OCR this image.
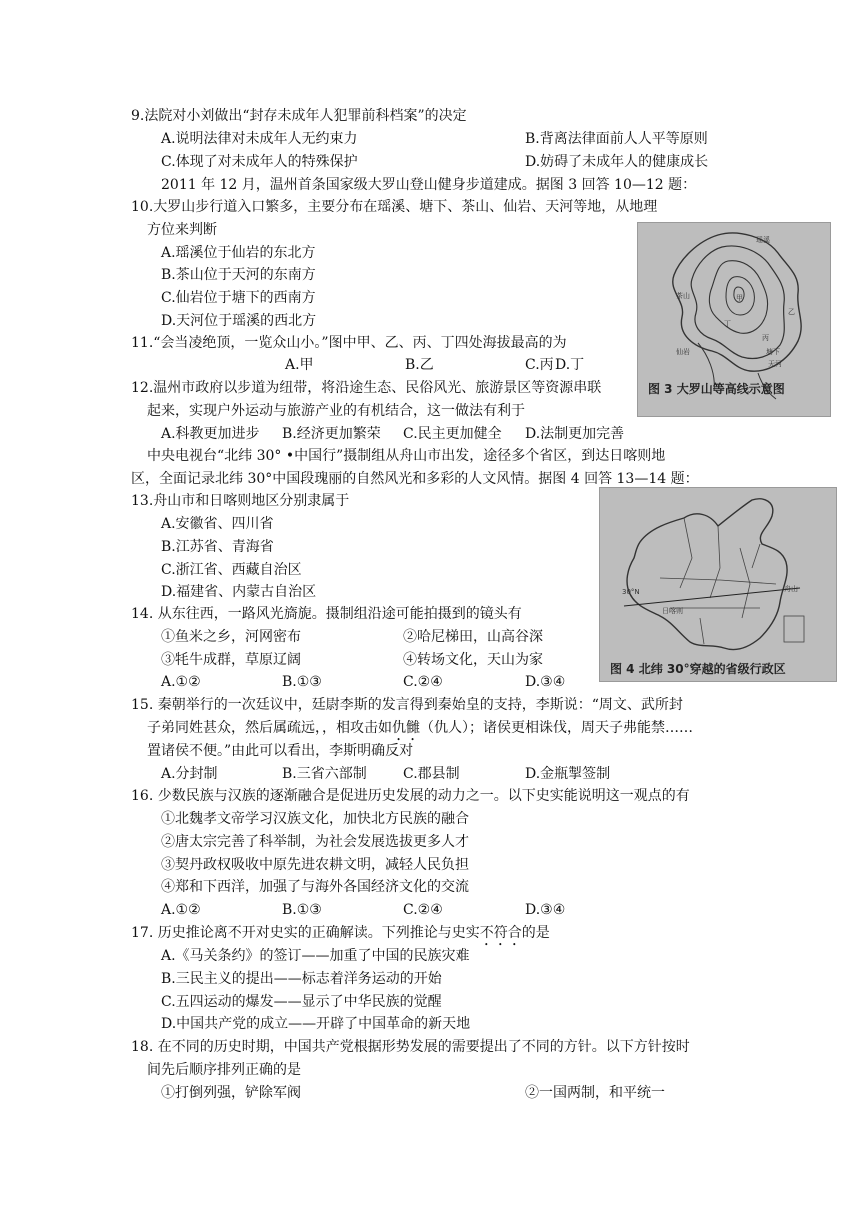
9.法院对小刘做出“封存未成年人犯罪前科档案”的决定
A.说明法律对未成年人无约束力	B.背离法律面前人人平等原则
C.体现了对未成年人的特殊保护	D.妨碍了未成年人的健康成长
2011 年 12 月，温州首条国家级大罗山登山健身步道建成。据图 3 回答 10—12 题：
10.大罗山步行道入口繁多，主要分布在瑶溪、塘下、茶山、仙岩、天河等地，从地理
方位来判断
A.瑶溪位于仙岩的东北方
B.茶山位于天河的东南方
C.仙岩位于塘下的西南方
D.天河位于瑶溪的西北方
11.“会当凌绝顶，一览众山小。”图中甲、乙、丙、丁四处海拔最高的为
A.甲	B.乙	C.丙 D.丁
12.温州市政府以步道为纽带，将沿途生态、民俗风光、旅游景区等资源串联
起来，实现户外运动与旅游产业的有机结合，这一做法有利于
A.科教更加进步 B.经济更加繁荣 C.民主更加健全 D.法制更加完善
中央电视台“北纬 30° •中国行”摄制组从舟山市出发，途径多个省区，到达日喀则地
区，全面记录北纬 30°中国段瑰丽的自然风光和多彩的人文风情。据图 4 回答 13—14 题：
13.舟山市和日喀则地区分别隶属于
A.安徽省、四川省
B.江苏省、青海省
C.浙江省、西藏自治区
D.福建省、内蒙古自治区
14. 从东往西，一路风光旖旎。摄制组沿途可能拍摄到的镜头有
①鱼米之乡，河网密布	②哈尼梯田，山高谷深
③牦牛成群，草原辽阔	④转场文化，天山为家
A.①②	B.①③	C.②④	D.③④
15. 秦朝举行的一次廷议中，廷尉李斯的发言得到秦始皇的支持，李斯说：“周文、武所封
子弟同姓甚众，然后属疏远，，相攻击如仇雠（仇人）；诸侯更相诛伐，周天子弗能禁……
置诸侯不便。”由此可以看出，李斯明确反对
A.分封制	B.三省六部制	C.郡县制	D.金瓶掣签制
16. 少数民族与汉族的逐渐融合是促进历史发展的动力之一。以下史实能说明这一观点的有
①北魏孝文帝学习汉族文化，加快北方民族的融合
②唐太宗完善了科举制，为社会发展选拔更多人才
③契丹政权吸收中原先进农耕文明，减轻人民负担
④郑和下西洋，加强了与海外各国经济文化的交流
A.①②	B.①③	C.②④	D.③④
17. 历史推论离不开对史实的正确解读。下列推论与史实不符合的是
A.《马关条约》的签订——加重了中国的民族灾难
B.三民主义的提出——标志着洋务运动的开始
C.五四运动的爆发——显示了中华民族的觉醒
D.中国共产党的成立——开辟了中国革命的新天地
18. 在不同的历史时期，中国共产党根据形势发展的需要提出了不同的方针。以下方针按时
间先后顺序排列正确的是
①打倒列强，铲除军阀	②一国两制，和平统一
瑶溪
茶山
仙岩
甲
乙
丙
丁
塘下
天河
图 3 大罗山等高线示意图
30°N
日喀则
舟山
图 4 北纬 30°穿越的省级行政区
